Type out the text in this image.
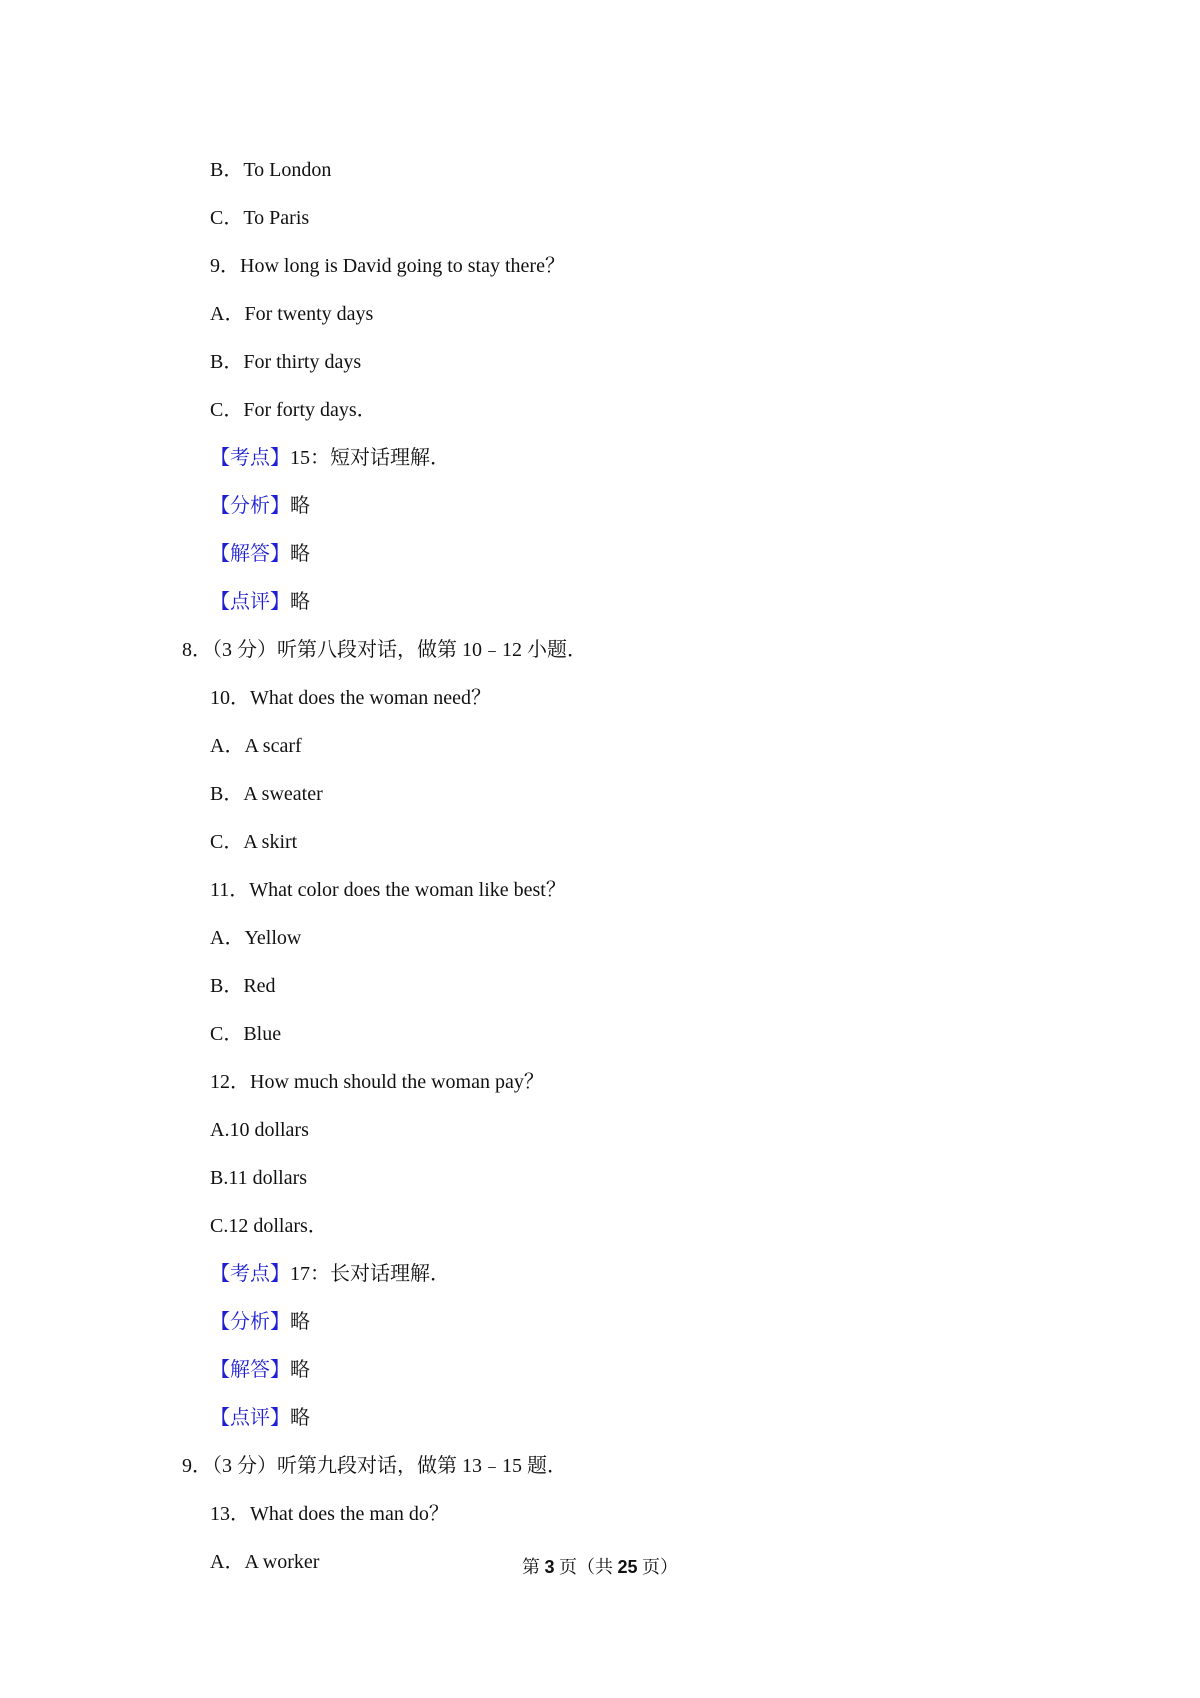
B．To London
C．To Paris
9．How long is David going to stay there？
A．For twenty days
B．For thirty days
C．For forty days．
【考点】15：短对话理解．
【分析】略
【解答】略
【点评】略
8．（3 分）听第八段对话，做第 10﹣12 小题．
10．What does the woman need？
A．A scarf
B．A sweater
C．A skirt
11．What color does the woman like best？
A．Yellow
B．Red
C．Blue
12．How much should the woman pay？
A.10 dollars
B.11 dollars
C.12 dollars．
【考点】17：长对话理解．
【分析】略
【解答】略
【点评】略
9．（3 分）听第九段对话，做第 13﹣15 题．
13．What does the man do？
A．A worker	第 3 页（共 25 页）
